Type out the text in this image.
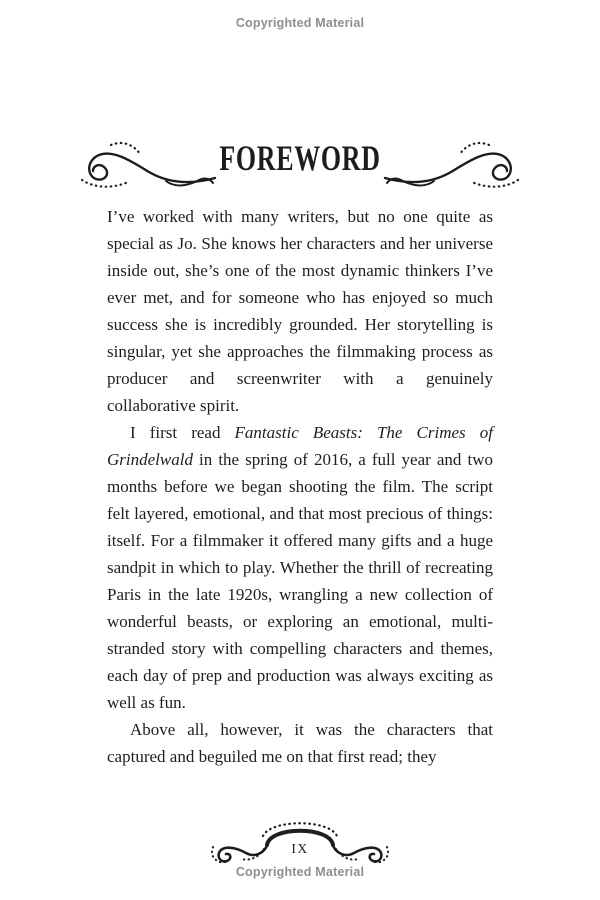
Copyrighted Material
FOREWORD

I’ve worked with many writers, but no one quite as special as Jo. She knows her characters and her universe inside out, she’s one of the most dynamic thinkers I’ve ever met, and for someone who has enjoyed so much success she is incredibly grounded. Her storytelling is singular, yet she approaches the filmmaking process as producer and screenwriter with a genuinely collaborative spirit.

I first read Fantastic Beasts: The Crimes of Grindelwald in the spring of 2016, a full year and two months before we began shooting the film. The script felt layered, emotional, and that most precious of things: itself. For a filmmaker it offered many gifts and a huge sandpit in which to play. Whether the thrill of recreating Paris in the late 1920s, wrangling a new collection of wonderful beasts, or exploring an emotional, multi-stranded story with compelling characters and themes, each day of prep and production was always exciting as well as fun.

Above all, however, it was the characters that captured and beguiled me on that first read; they

IX
Copyrighted Material
